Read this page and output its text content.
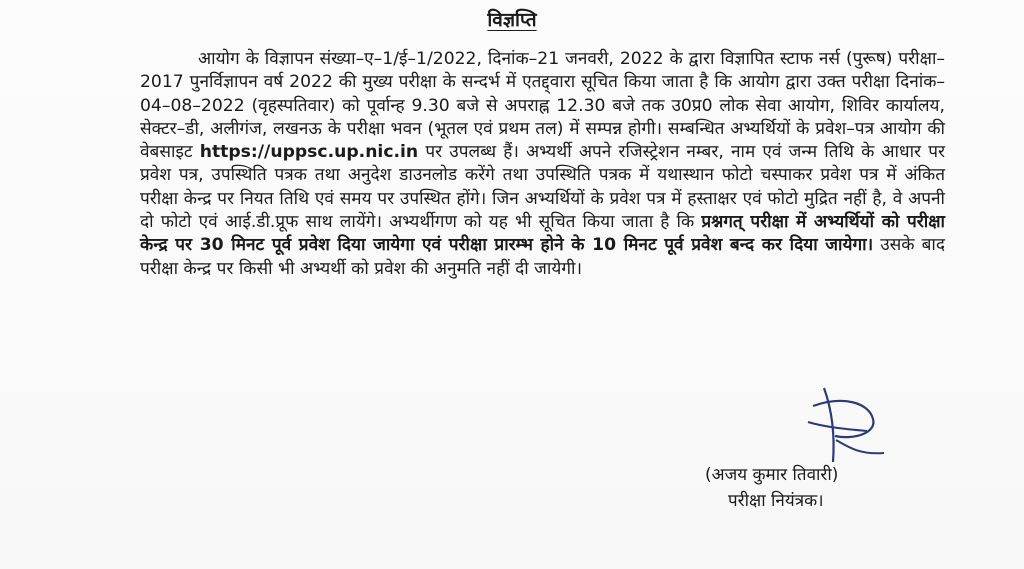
विज्ञप्ति

आयोग के विज्ञापन संख्या–ए–1/ई–1/2022, दिनांक–21 जनवरी, 2022 के द्वारा विज्ञापित स्टाफ नर्स (पुरूष) परीक्षा–2017 पुनर्विज्ञापन वर्ष 2022 की मुख्य परीक्षा के सन्दर्भ में एतद्द्वारा सूचित किया जाता है कि आयोग द्वारा उक्त परीक्षा दिनांक–04–08–2022 (वृहस्पतिवार) को पूर्वान्ह 9.30 बजे से अपराह्न 12.30 बजे तक उ0प्र0 लोक सेवा आयोग, शिविर कार्यालय, सेक्टर–डी, अलीगंज, लखनऊ के परीक्षा भवन (भूतल एवं प्रथम तल) में सम्पन्न होगी। सम्बन्धित अभ्यर्थियों के प्रवेश–पत्र आयोग की वेबसाइट https://uppsc.up.nic.in पर उपलब्ध हैं। अभ्यर्थी अपने रजिस्ट्रेशन नम्बर, नाम एवं जन्म तिथि के आधार पर प्रवेश पत्र, उपस्थिति पत्रक तथा अनुदेश डाउनलोड करेंगे तथा उपस्थिति पत्रक में यथास्थान फोटो चस्पाकर प्रवेश पत्र में अंकित परीक्षा केन्द्र पर नियत तिथि एवं समय पर उपस्थित होंगे। जिन अभ्यर्थियों के प्रवेश पत्र में हस्ताक्षर एवं फोटो मुद्रित नहीं है, वे अपनी दो फोटो एवं आई.डी.प्रूफ साथ लायेंगे। अभ्यर्थीगण को यह भी सूचित किया जाता है कि प्रश्नगत् परीक्षा में अभ्यर्थियों को परीक्षा केन्द्र पर 30 मिनट पूर्व प्रवेश दिया जायेगा एवं परीक्षा प्रारम्भ होने के 10 मिनट पूर्व प्रवेश बन्द कर दिया जायेगा। उसके बाद परीक्षा केन्द्र पर किसी भी अभ्यर्थी को प्रवेश की अनुमति नहीं दी जायेगी।

(अजय कुमार तिवारी)
परीक्षा नियंत्रक।
